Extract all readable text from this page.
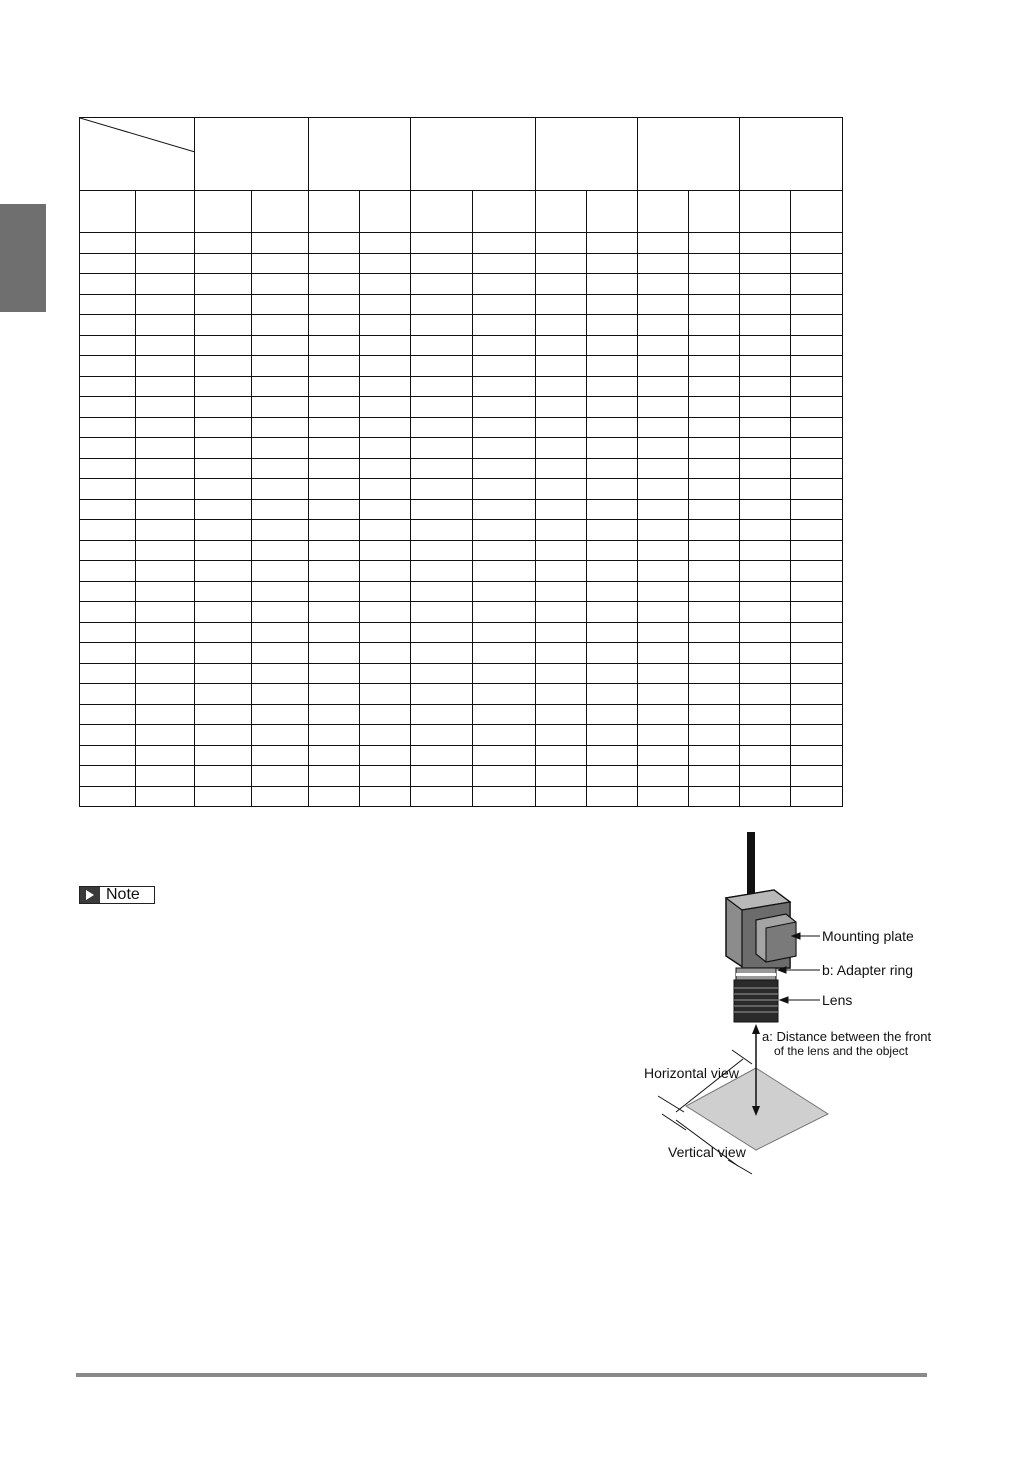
Note
Mounting plate
b: Adapter ring
Lens
a: Distance between the front
of the lens and the object
Horizontal view
Vertical view
